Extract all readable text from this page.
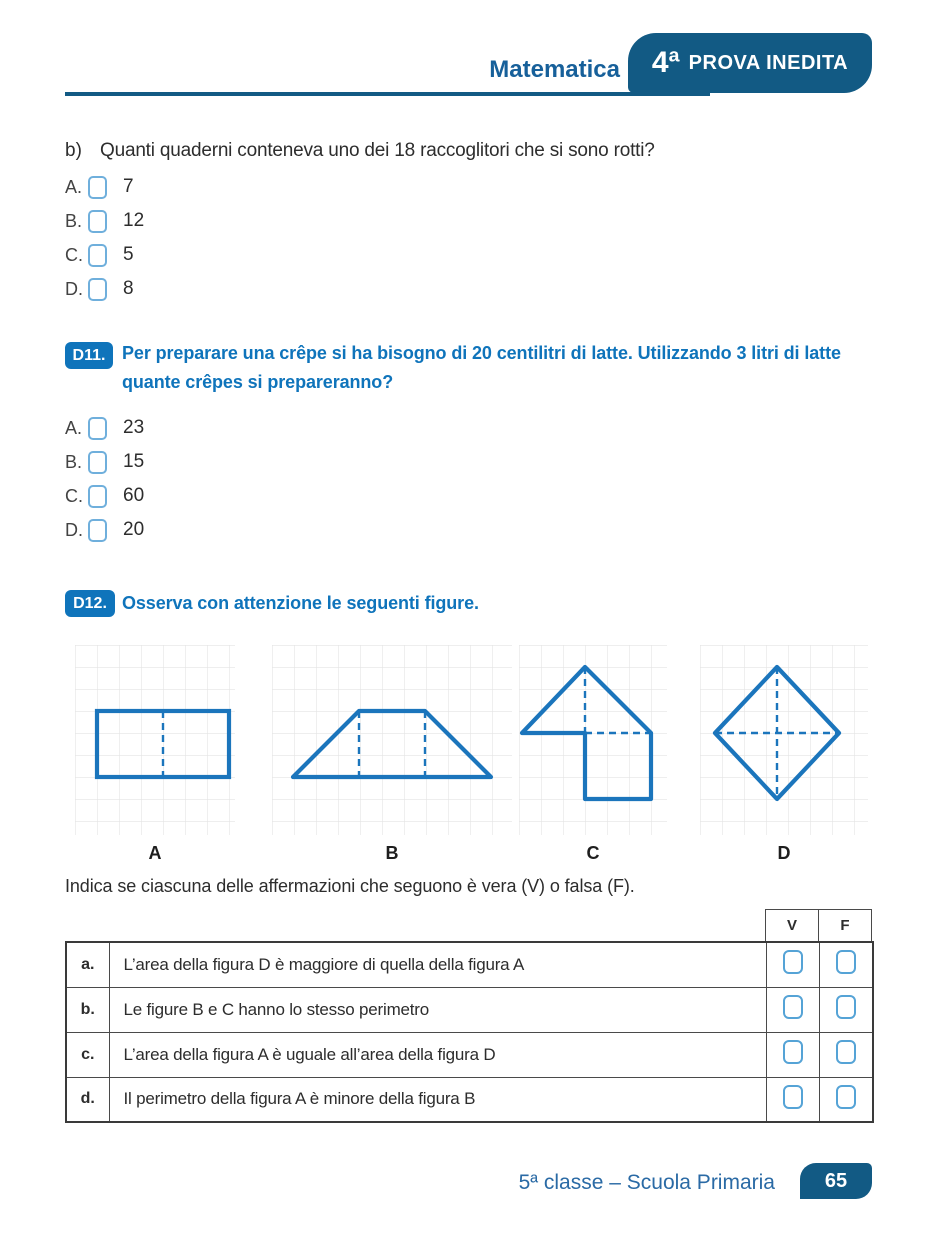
Matematica 4ª PROVA INEDITA
b) Quanti quaderni conteneva uno dei 18 raccoglitori che si sono rotti?
A.	7
B.	12
C. 5
D. 8
D11. Per preparare una crêpe si ha bisogno di 20 centilitri di latte. Utilizzando 3 litri di latte quante crêpes si prepareranno?
A.	23
B.	15
C. 60
D. 20
D12. Osserva con attenzione le seguenti figure.
A	B	C	D
Indica se ciascuna delle affermazioni che seguono è vera (V) o falsa (F).
V	F
a.	L’area della figura D è maggiore di quella della figura A		
b.	Le figure B e C hanno lo stesso perimetro		
c.	L’area della figura A è uguale all’area della figura D		
d.	Il perimetro della figura A è minore della figura B		
5ª classe – Scuola Primaria	65
